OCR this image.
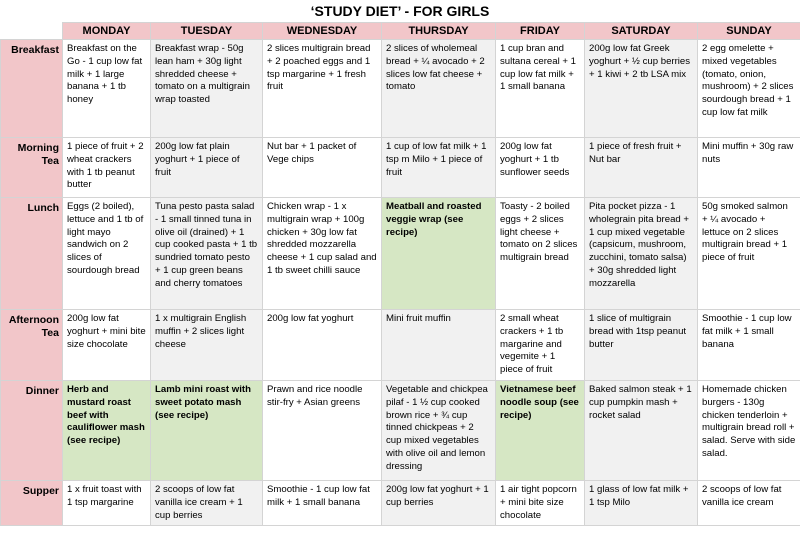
‘STUDY DIET’ - FOR GIRLS
	MONDAY	TUESDAY	WEDNESDAY	THURSDAY	FRIDAY	SATURDAY	SUNDAY
Breakfast	Breakfast on the Go - 1 cup low fat milk + 1 large banana + 1 tb honey	Breakfast wrap - 50g lean ham + 30g light shredded cheese + tomato on a multigrain wrap toasted	2 slices multigrain bread + 2 poached eggs and 1 tsp margarine + 1 fresh fruit	2 slices of wholemeal bread + ¼ avocado + 2 slices low fat cheese + tomato	1 cup bran and sultana cereal + 1 cup low fat milk + 1 small banana	200g low fat Greek yoghurt + ½ cup berries + 1 kiwi + 2 tb LSA mix	2 egg omelette + mixed vegetables (tomato, onion, mushroom) + 2 slices sourdough bread + 1 cup low fat milk
Morning Tea	1 piece of fruit + 2 wheat crackers with 1 tb peanut butter	200g low fat plain yoghurt + 1 piece of fruit	Nut bar + 1 packet of Vege chips	1 cup of low fat milk + 1 tsp m Milo + 1 piece of fruit	200g low fat yoghurt + 1 tb sunflower seeds	1 piece of fresh fruit + Nut bar	Mini muffin + 30g raw nuts
Lunch	Eggs (2 boiled), lettuce and 1 tb of light mayo sandwich on 2 slices of sourdough bread	Tuna pesto pasta salad - 1 small tinned tuna in olive oil (drained) + 1 cup cooked pasta + 1 tb sundried tomato pesto + 1 cup green beans and cherry tomatoes	Chicken wrap - 1 x multigrain wrap + 100g chicken + 30g low fat shredded mozzarella cheese + 1 cup salad and 1 tb sweet chilli sauce	Meatball and roasted veggie wrap (see recipe)	Toasty - 2 boiled eggs + 2 slices light cheese + tomato on 2 slices multigrain bread	Pita pocket pizza - 1 wholegrain pita bread + 1 cup mixed vegetable (capsicum, mushroom, zucchini, tomato salsa) + 30g shredded light mozzarella	50g smoked salmon + ¼ avocado + lettuce on 2 slices multigrain bread + 1 piece of fruit
Afternoon Tea	200g low fat yoghurt + mini bite size chocolate	1 x multigrain English muffin + 2 slices light cheese	200g low fat yoghurt	Mini fruit muffin	2 small wheat crackers + 1 tb margarine and vegemite + 1 piece of fruit	1 slice of multigrain bread with 1tsp peanut butter	Smoothie - 1 cup low fat milk + 1 small banana
Dinner	Herb and mustard roast beef with cauliflower mash (see recipe)	Lamb mini roast with sweet potato mash (see recipe)	Prawn and rice noodle stir-fry + Asian greens	Vegetable and chickpea pilaf - 1 ½ cup cooked brown rice + ¾ cup tinned chickpeas + 2 cup mixed vegetables with olive oil and lemon dressing	Vietnamese beef noodle soup (see recipe)	Baked salmon steak + 1 cup pumpkin mash + rocket salad	Homemade chicken burgers - 130g chicken tenderloin + multigrain bread roll + salad. Serve with side salad.
Supper	1 x fruit toast with 1 tsp margarine	2 scoops of low fat vanilla ice cream + 1 cup berries	Smoothie - 1 cup low fat milk + 1 small banana	200g low fat yoghurt + 1 cup berries	1 air tight popcorn + mini bite size chocolate	1 glass of low fat milk + 1 tsp Milo	2 scoops of low fat vanilla ice cream
